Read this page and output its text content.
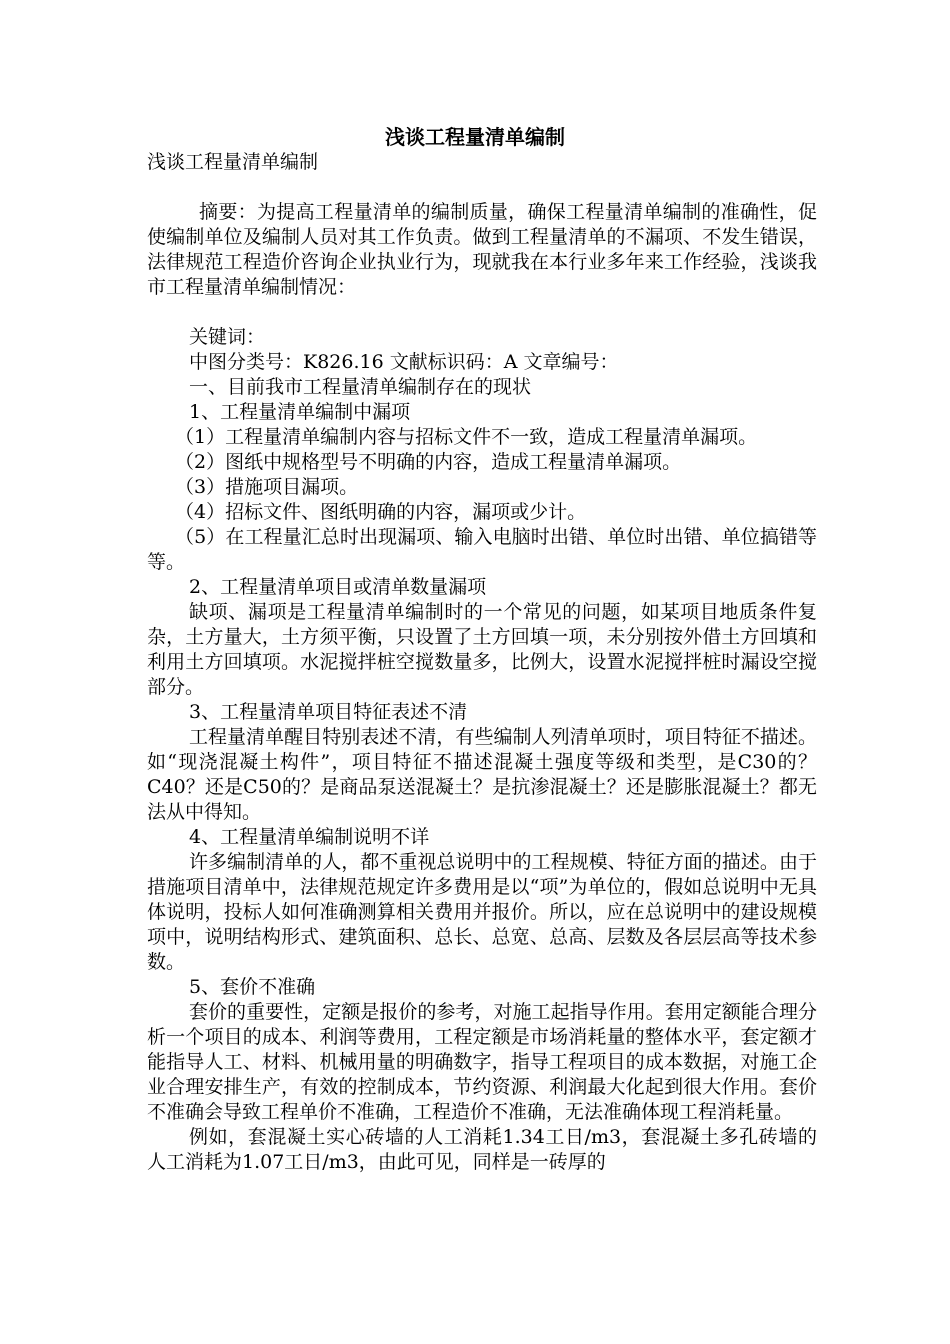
浅谈工程量清单编制

浅谈工程量清单编制

摘要：为提高工程量清单的编制质量，确保工程量清单编制的准确性，促使编制单位及编制人员对其工作负责。做到工程量清单的不漏项、不发生错误，法律规范工程造价咨询企业执业行为，现就我在本行业多年来工作经验，浅谈我市工程量清单编制情况：

关键词：

中图分类号：K826.16 文献标识码：A 文章编号：

一、目前我市工程量清单编制存在的现状

1、工程量清单编制中漏项

（1）工程量清单编制内容与招标文件不一致，造成工程量清单漏项。

（2）图纸中规格型号不明确的内容，造成工程量清单漏项。

（3）措施项目漏项。

（4）招标文件、图纸明确的内容，漏项或少计。

（5）在工程量汇总时出现漏项、输入电脑时出错、单位时出错、单位搞错等等。

2、工程量清单项目或清单数量漏项

缺项、漏项是工程量清单编制时的一个常见的问题，如某项目地质条件复杂，土方量大，土方须平衡，只设置了土方回填一项，未分别按外借土方回填和利用土方回填项。水泥搅拌桩空搅数量多，比例大，设置水泥搅拌桩时漏设空搅部分。

3、工程量清单项目特征表述不清

工程量清单醒目特别表述不清，有些编制人列清单项时，项目特征不描述。如“现浇混凝土构件”，项目特征不描述混凝土强度等级和类型，是C30的？C40？还是C50的？是商品泵送混凝土？是抗渗混凝土？还是膨胀混凝土？都无法从中得知。

4、工程量清单编制说明不详

许多编制清单的人，都不重视总说明中的工程规模、特征方面的描述。由于措施项目清单中，法律规范规定许多费用是以“项”为单位的，假如总说明中无具体说明，投标人如何准确测算相关费用并报价。所以，应在总说明中的建设规模项中，说明结构形式、建筑面积、总长、总宽、总高、层数及各层层高等技术参数。

5、套价不准确

套价的重要性，定额是报价的参考，对施工起指导作用。套用定额能合理分析一个项目的成本、利润等费用，工程定额是市场消耗量的整体水平，套定额才能指导人工、材料、机械用量的明确数字，指导工程项目的成本数据，对施工企业合理安排生产，有效的控制成本，节约资源、利润最大化起到很大作用。套价不准确会导致工程单价不准确，工程造价不准确，无法准确体现工程消耗量。

例如，套混凝土实心砖墙的人工消耗1.34工日/m3，套混凝土多孔砖墙的人工消耗为1.07工日/m3，由此可见，同样是一砖厚的
